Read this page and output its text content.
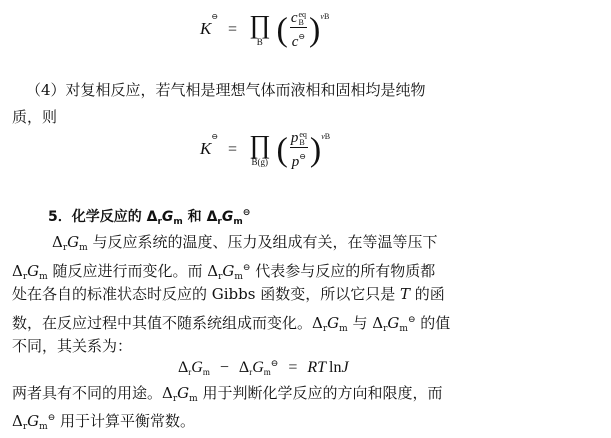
K⊖ = ∏
B ( c eq
B
c⊖ )$^{\nu B}$
（4）对复相反应，若气相是理想气体而液相和固相均是纯物
质，则
K⊖ = ∏
B(g) ( p eq
B
p⊖ )$^{\nu B}$
5．化学反应的 $\Delta_rG_m$ 和 $\Delta_rG_m^⊖$
$\Delta_rG_m$ 与反应系统的温度、压力及组成有关，在等温等压下
$\Delta_rG_m$ 随反应进行而变化。而 $\Delta_rG_m^⊖$ 代表参与反应的所有物质都
处在各自的标准状态时反应的 Gibbs 函数变，所以它只是 T 的函
数，在反应过程中其值不随系统组成而变化。$\Delta_rG_m$ 与 $\Delta_rG_m^⊖$ 的值
不同，其关系为：
ΔrGm − ΔrGm⊖ = RT lnJ
两者具有不同的用途。$\Delta_rG_m$ 用于判断化学反应的方向和限度，而
$\Delta_rG_m^⊖$ 用于计算平衡常数。
